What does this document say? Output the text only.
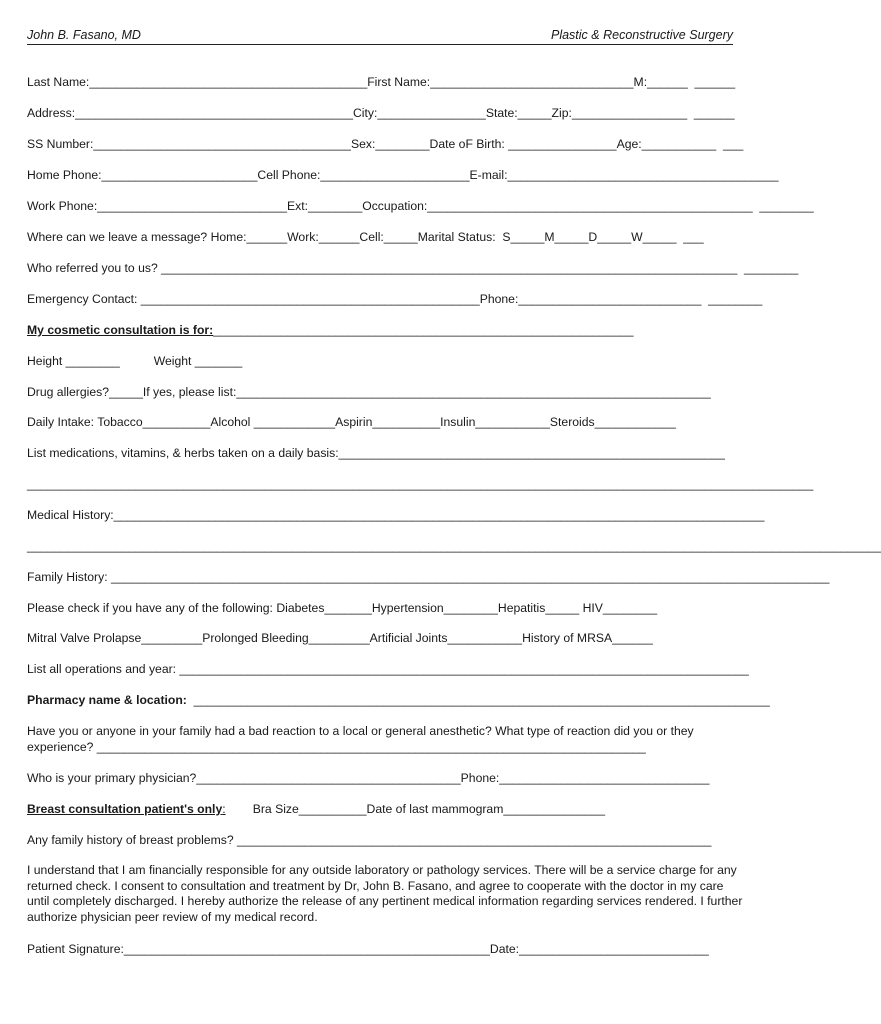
John B. Fasano, MD	Plastic & Reconstructive Surgery
Last Name:_________________________________________First Name:______________________________M:______  ______
Address:_________________________________________City:________________State:_____Zip:_________________  ______
SS Number:______________________________________Sex:________Date oF Birth: ________________Age:___________  ___
Home Phone:_______________________Cell Phone:______________________E-mail:________________________________________
Work Phone:____________________________Ext:________Occupation:________________________________________________  ________
Where can we leave a message? Home:______Work:______Cell:_____Marital Status:  S_____M_____D_____W_____  ___
Who referred you to us? _____________________________________________________________________________________  ________
Emergency Contact: __________________________________________________Phone:___________________________  ________
My cosmetic consultation is for:______________________________________________________________
Height ________          Weight _______
Drug allergies?_____If yes, please list:______________________________________________________________________
Daily Intake: Tobacco__________Alcohol ____________Aspirin__________Insulin___________Steroids____________
List medications, vitamins, & herbs taken on a daily basis:_________________________________________________________
____________________________________________________________________________________________________________________
Medical History:________________________________________________________________________________________________
______________________________________________________________________________________________________________________________
Family History: __________________________________________________________________________________________________________
Please check if you have any of the following: Diabetes_______Hypertension________Hepatitis_____ HIV________
Mitral Valve Prolapse_________Prolonged Bleeding_________Artificial Joints___________History of MRSA______
List all operations and year: ____________________________________________________________________________________
Pharmacy name & location:  _____________________________________________________________________________________
Have you or anyone in your family had a bad reaction to a local or general anesthetic? What type of reaction did you or they experience? _________________________________________________________________________________
Who is your primary physician?_______________________________________Phone:_______________________________
Breast consultation patient's only:        Bra Size__________Date of last mammogram_______________
Any family history of breast problems? ______________________________________________________________________
I understand that I am financially responsible for any outside laboratory or pathology services. There will be a service charge for any returned check. I consent to consultation and treatment by Dr, John B. Fasano, and agree to cooperate with the doctor in my care until completely discharged. I hereby authorize the release of any pertinent medical information regarding services rendered. I further authorize physician peer review of my medical record.
Patient Signature:______________________________________________________Date:____________________________
